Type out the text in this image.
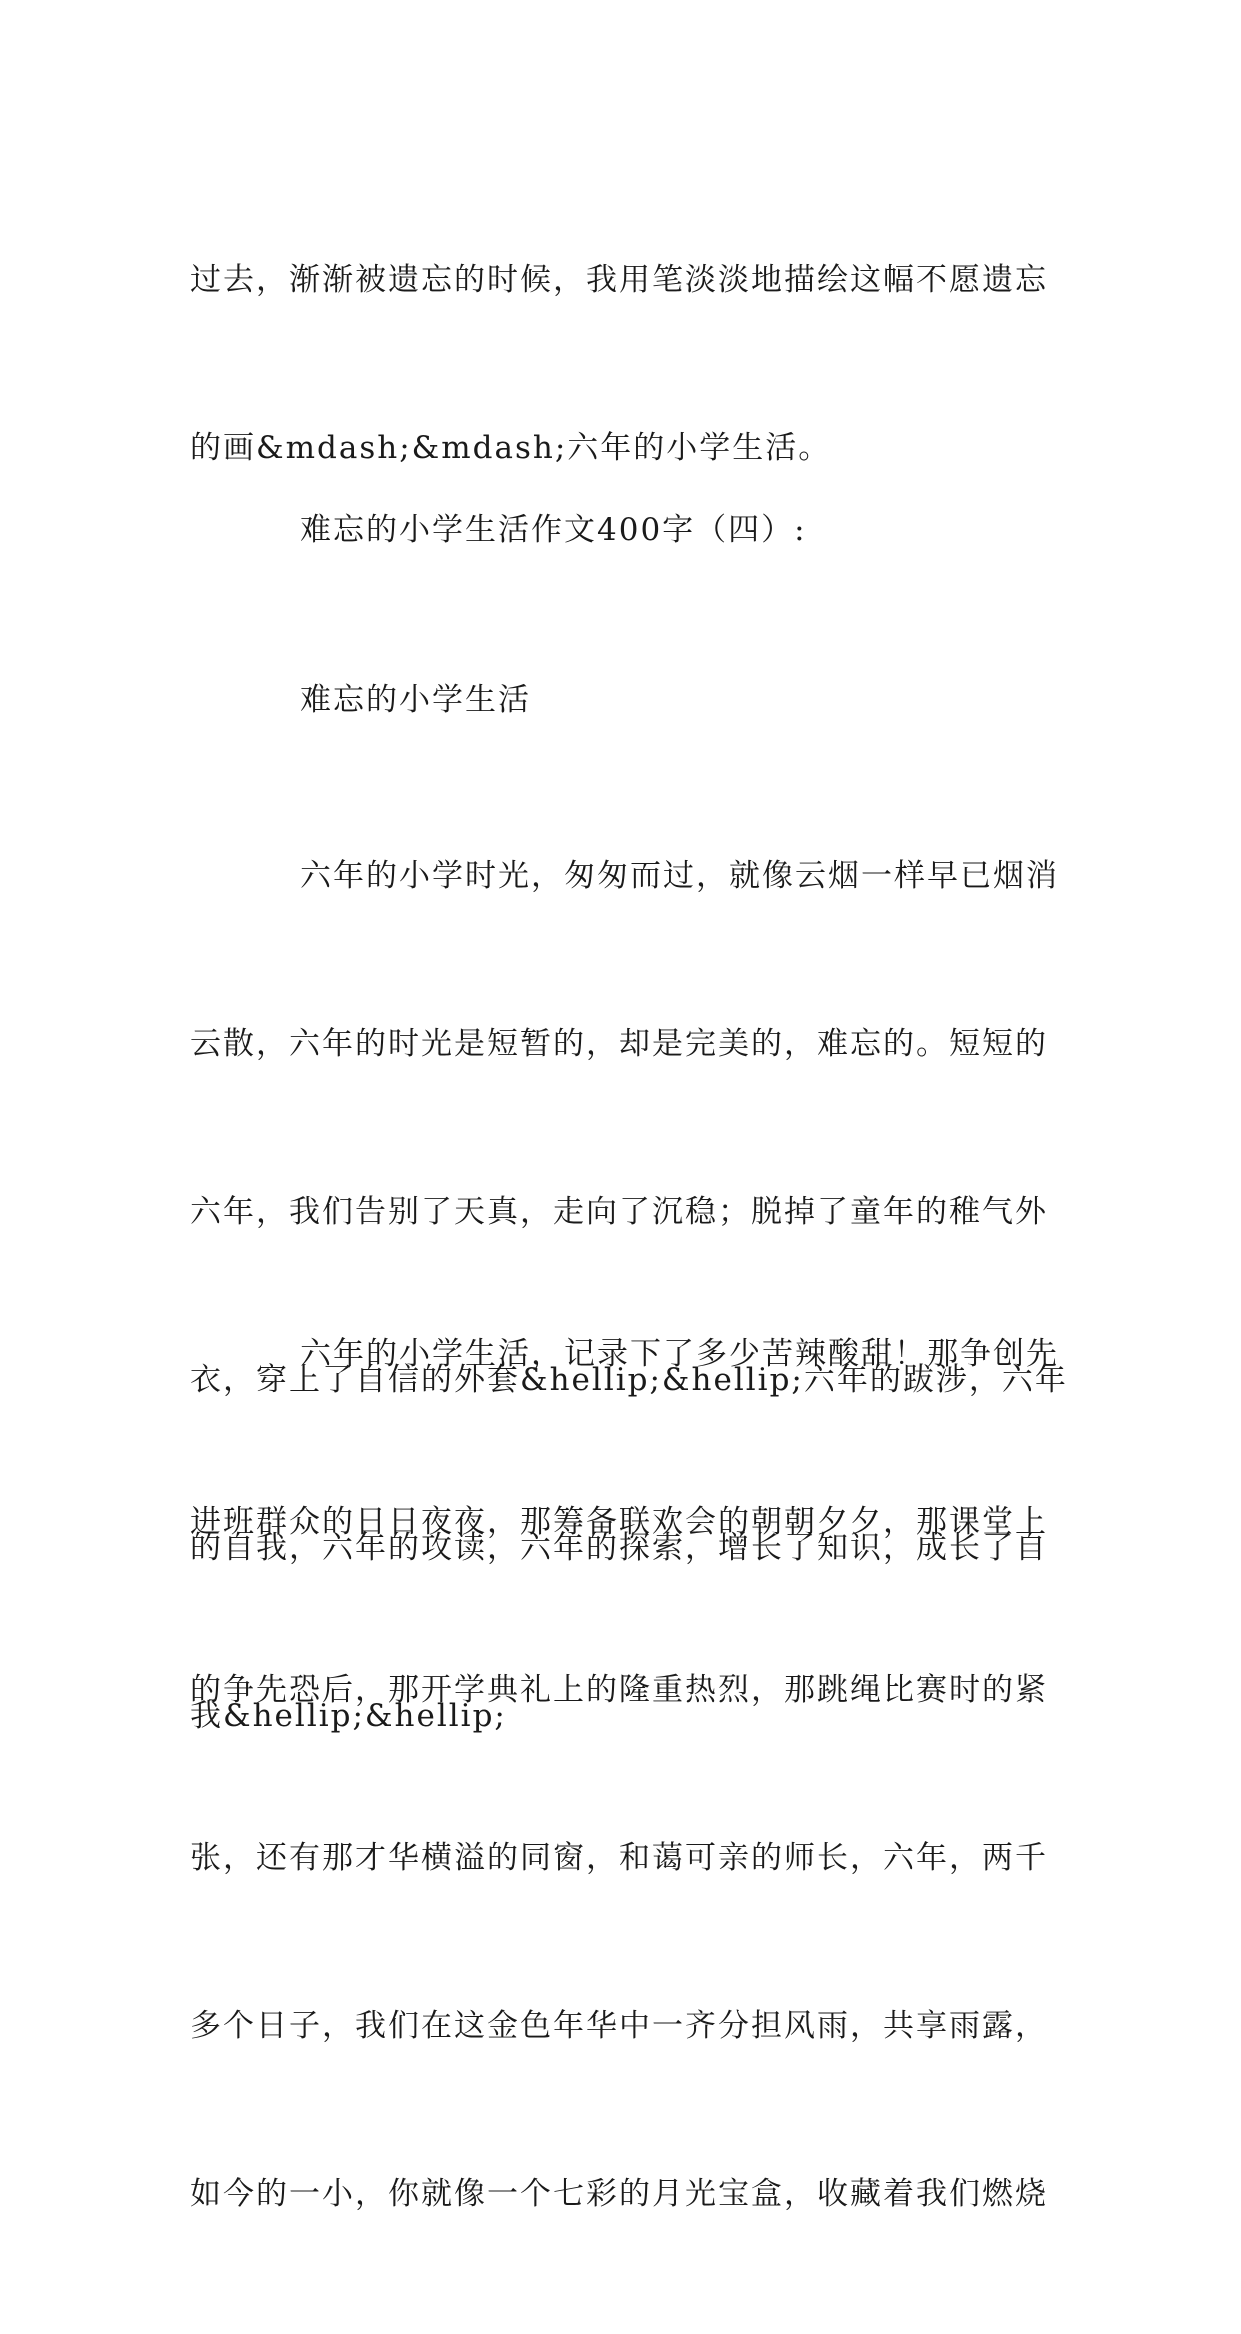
过去，渐渐被遗忘的时候，我用笔淡淡地描绘这幅不愿遗忘

的画&mdash;&mdash;六年的小学生活。

难忘的小学生活作文400字（四）:

难忘的小学生活

六年的小学时光，匆匆而过，就像云烟一样早已烟消

云散，六年的时光是短暂的，却是完美的，难忘的。短短的

六年，我们告别了天真，走向了沉稳；脱掉了童年的稚气外

衣，穿上了自信的外套&hellip;&hellip;六年的跋涉，六年

的自我，六年的攻读，六年的探索，增长了知识，成长了自

我&hellip;&hellip;

六年的小学生活，记录下了多少苦辣酸甜！那争创先

进班群众的日日夜夜，那筹备联欢会的朝朝夕夕，那课堂上

的争先恐后，那开学典礼上的隆重热烈，那跳绳比赛时的紧

张，还有那才华横溢的同窗，和蔼可亲的师长，六年，两千

多个日子，我们在这金色年华中一齐分担风雨，共享雨露，

如今的一小，你就像一个七彩的月光宝盒，收藏着我们燃烧
